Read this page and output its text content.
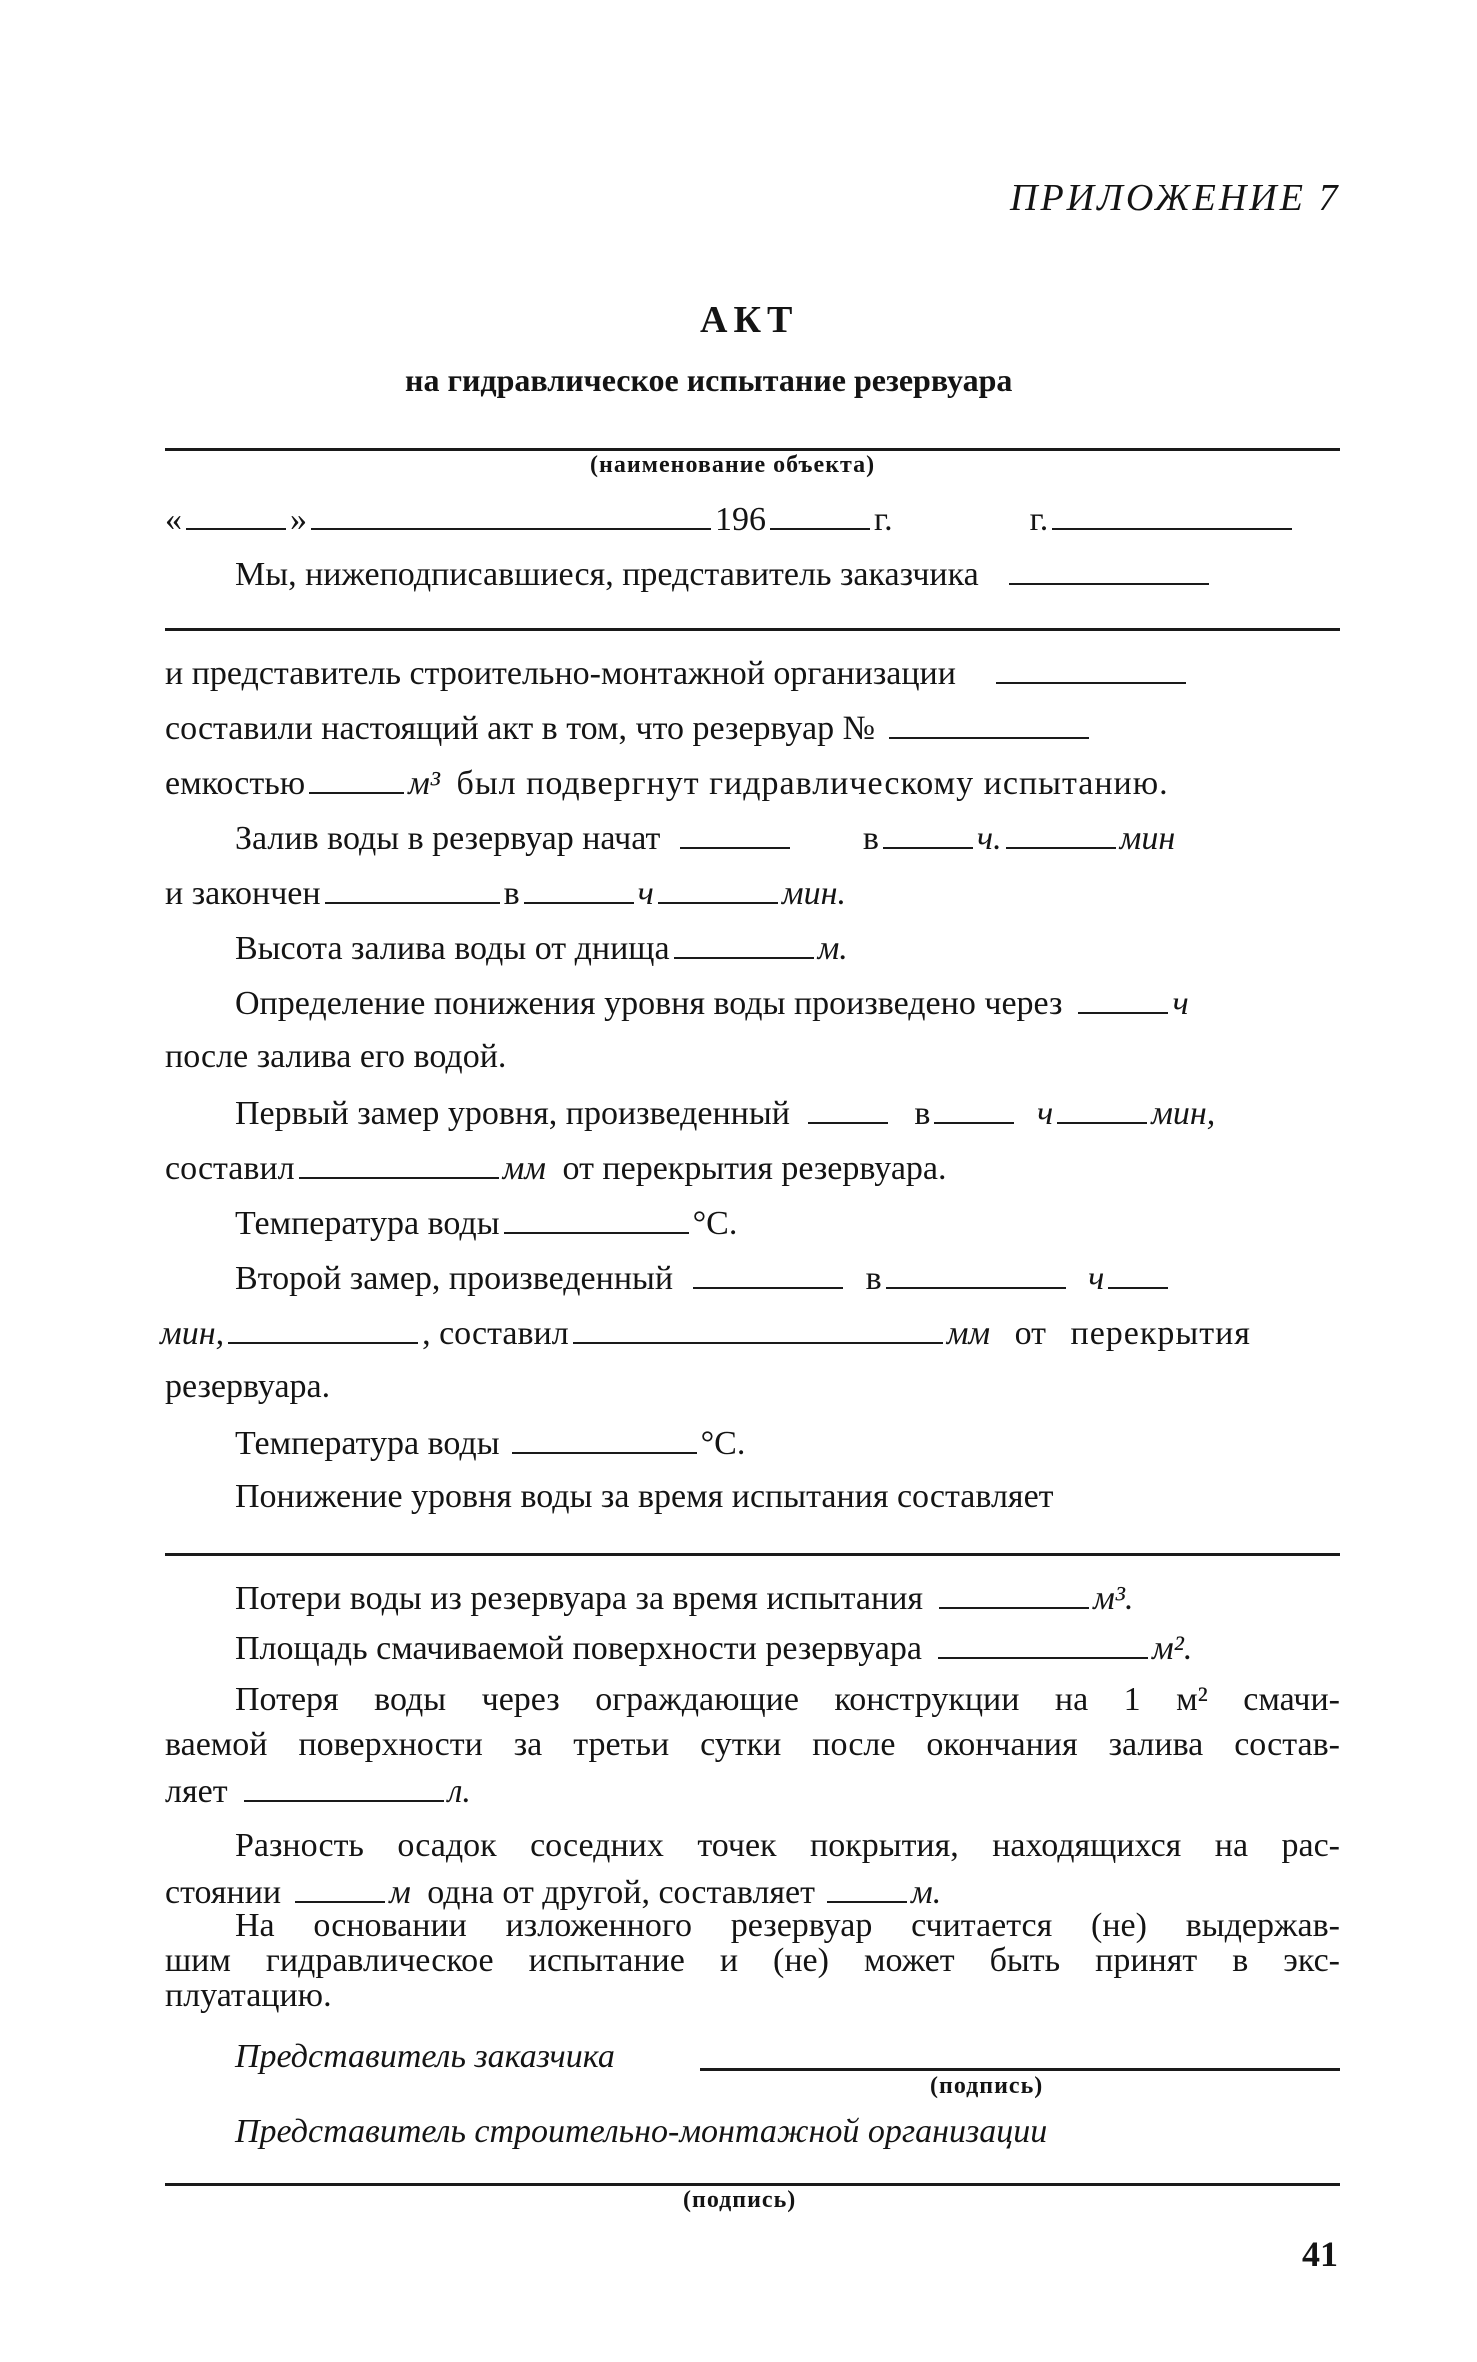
ПРИЛОЖЕНИЕ 7
АКТ
на гидравлическое испытание резервуара
(наименование объекта)
«	»	196	г.	г.
Мы, нижеподписавшиеся, представитель заказчика
и представитель строительно-монтажной организации
составили настоящий акт в том, что резервуар №
емкостью	м³ был подвергнут гидравлическому испытанию.
Залив воды в резервуар начат	в	ч.	мин
и закончен	в	ч	мин.
Высота залива воды от днища	м.
Определение понижения уровня воды произведено через	ч
после залива его водой.
Первый замер уровня, произведенный	в	ч	мин,
составил	мм от перекрытия резервуара.
Температура воды	°С.
Второй замер, произведенный	в	ч
мин,	, составил	мм от перекрытия
резервуара.
Температура воды	°С.
Понижение уровня воды за время испытания составляет
Потери воды из резервуара за время испытания	м³.
Площадь смачиваемой поверхности резервуара	м².
Потеря воды через ограждающие конструкции на 1 м² смачи-
ваемой поверхности за третьи сутки после окончания залива состав-
ляет	л.
Разность осадок соседних точек покрытия, находящихся на рас-
стоянии	м одна от другой, составляет	м.
На основании изложенного резервуар считается (не) выдержав-
шим гидравлическое испытание и (не) может быть принят в экс-
плуатацию.
Представитель заказчика
(подпись)
Представитель строительно-монтажной организации
(подпись)
41
